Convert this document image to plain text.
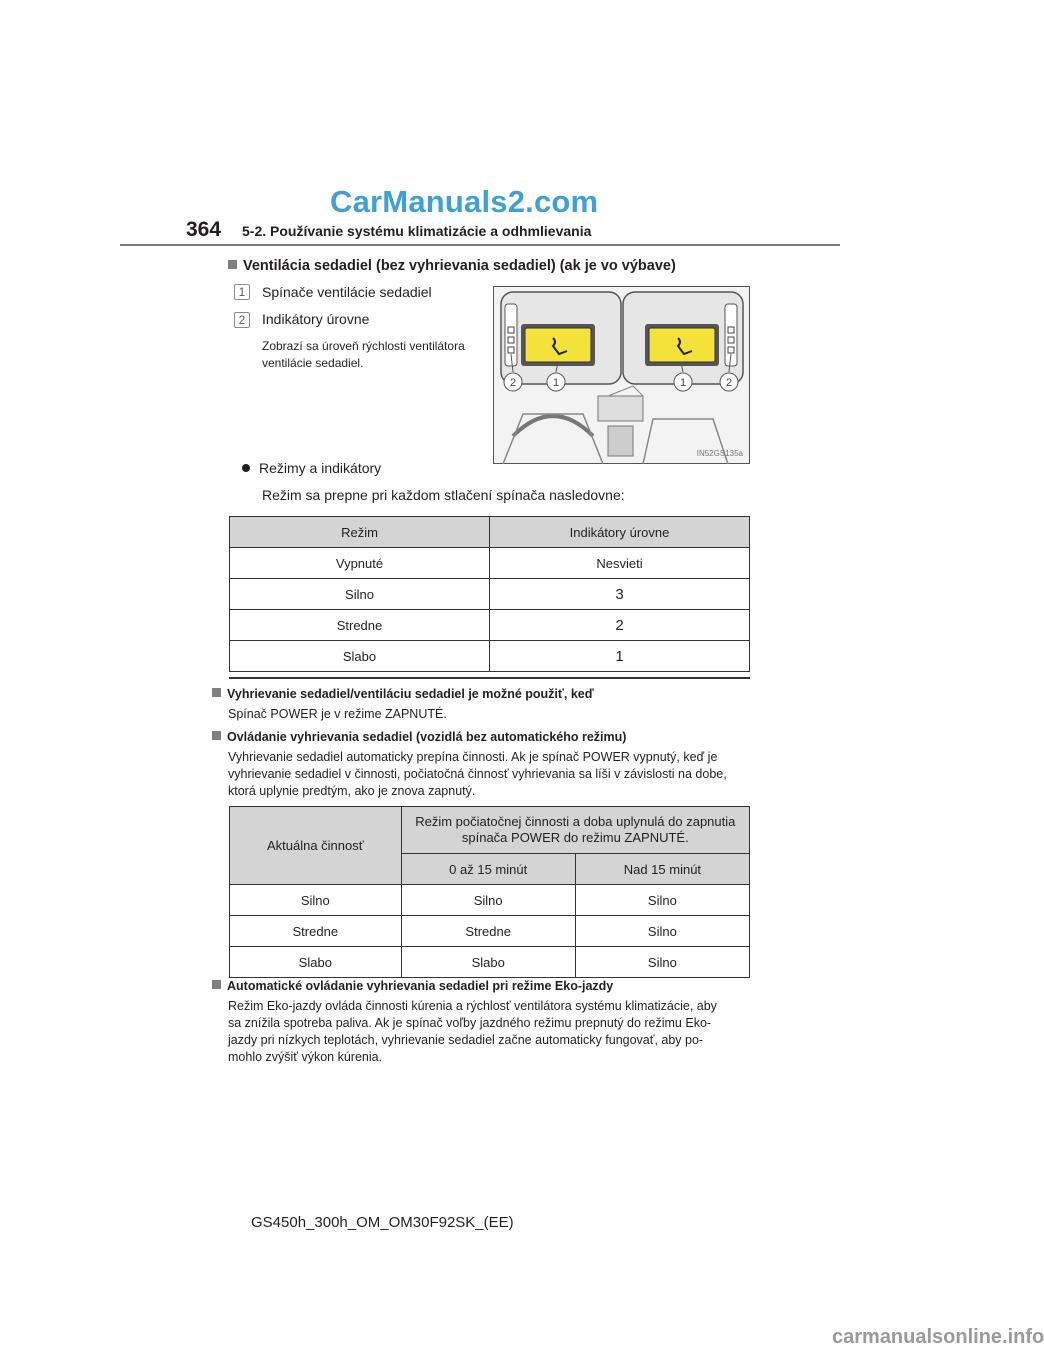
CarManuals2.com
364 5-2. Používanie systému klimatizácie a odhmlievania
Ventilácia sedadiel (bez vyhrievania sedadiel) (ak je vo výbave)
1	Spínače ventilácie sedadiel
2	Indikátory úrovne
Zobrazí sa úroveň rýchlosti ventilátora
ventilácie sedadiel.
2	1	1	2
IN52GS135a
Režimy a indikátory
Režim sa prepne pri každom stlačení spínača nasledovne:
Režim	Indikátory úrovne
Vypnuté	Nesvieti
Silno	3
Stredne	2
Slabo	1
Vyhrievanie sedadiel/ventiláciu sedadiel je možné použiť, keď
Spínač POWER je v režime ZAPNUTÉ.
Ovládanie vyhrievania sedadiel (vozidlá bez automatického režimu)
Vyhrievanie sedadiel automaticky prepína činnosti. Ak je spínač POWER vypnutý, keď je
vyhrievanie sedadiel v činnosti, počiatočná činnosť vyhrievania sa líši v závislosti na dobe,
ktorá uplynie predtým, ako je znova zapnutý.
Aktuálna činnosť	Režim počiatočnej činnosti a doba uplynulá do zapnutia
spínača POWER do režimu ZAPNUTÉ.	

	0 až 15 minút	Nad 15 minút
Silno	Silno	Silno
Stredne	Stredne	Silno
Slabo	Slabo	Silno
Automatické ovládanie vyhrievania sedadiel pri režime Eko-jazdy
Režim Eko-jazdy ovláda činnosti kúrenia a rýchlosť ventilátora systému klimatizácie, aby
sa znížila spotreba paliva. Ak je spínač voľby jazdného režimu prepnutý do režimu Eko-
jazdy pri nízkych teplotách, vyhrievanie sedadiel začne automaticky fungovať, aby po-
mohlo zvýšiť výkon kúrenia.
GS450h_300h_OM_OM30F92SK_(EE)
carmanualsonline.info
